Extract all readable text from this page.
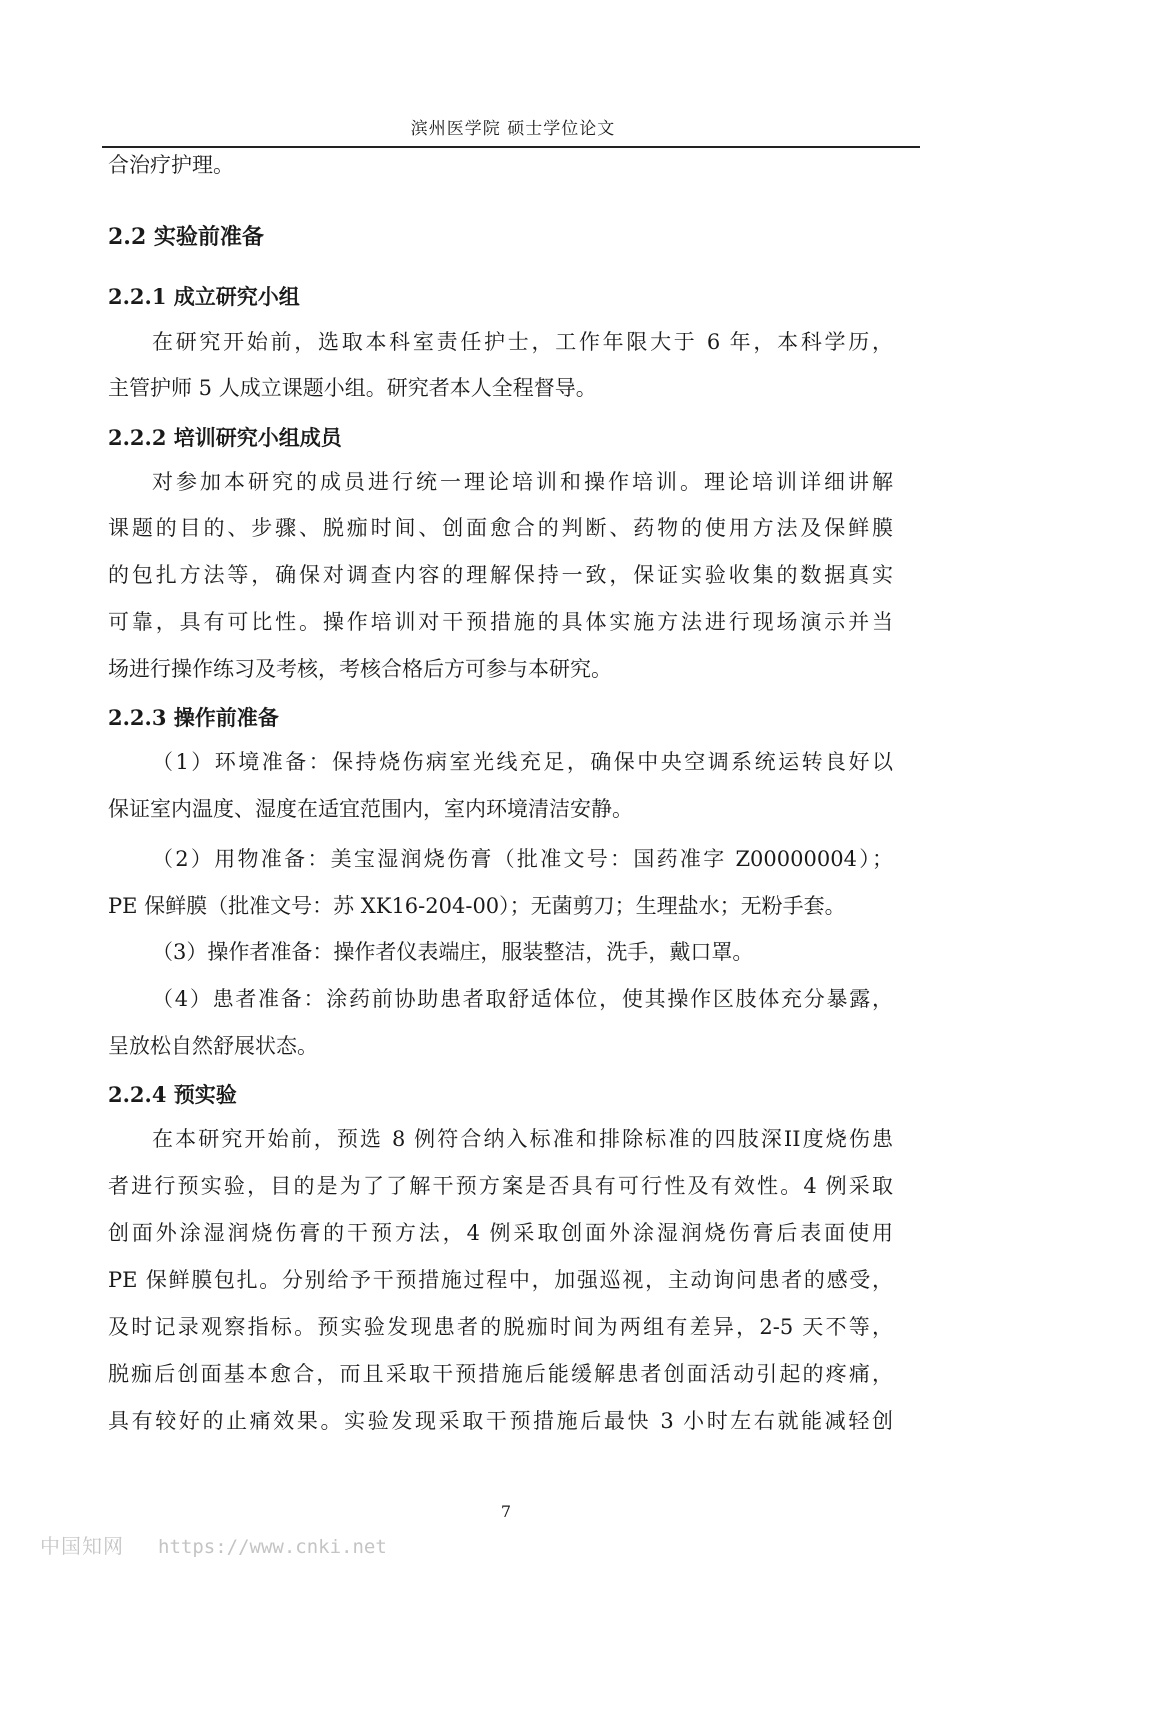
滨州医学院 硕士学位论文
合治疗护理。
2.2 实验前准备
2.2.1 成立研究小组
在研究开始前，选取本科室责任护士，工作年限大于 6 年，本科学历，
主管护师 5 人成立课题小组。研究者本人全程督导。
2.2.2 培训研究小组成员
对参加本研究的成员进行统一理论培训和操作培训。理论培训详细讲解
课题的目的、步骤、脱痂时间、创面愈合的判断、药物的使用方法及保鲜膜
的包扎方法等，确保对调查内容的理解保持一致，保证实验收集的数据真实
可靠，具有可比性。操作培训对干预措施的具体实施方法进行现场演示并当
场进行操作练习及考核，考核合格后方可参与本研究。
2.2.3 操作前准备
（1）环境准备：保持烧伤病室光线充足，确保中央空调系统运转良好以
保证室内温度、湿度在适宜范围内，室内环境清洁安静。
（2）用物准备：美宝湿润烧伤膏（批准文号：国药准字 Z00000004）；
PE 保鲜膜（批准文号：苏 XK16-204-00）；无菌剪刀；生理盐水；无粉手套。
（3）操作者准备：操作者仪表端庄，服装整洁，洗手，戴口罩。
（4）患者准备：涂药前协助患者取舒适体位，使其操作区肢体充分暴露，
呈放松自然舒展状态。
2.2.4 预实验
在本研究开始前，预选 8 例符合纳入标准和排除标准的四肢深II度烧伤患
者进行预实验，目的是为了了解干预方案是否具有可行性及有效性。4 例采取
创面外涂湿润烧伤膏的干预方法，4 例采取创面外涂湿润烧伤膏后表面使用
PE 保鲜膜包扎。分别给予干预措施过程中，加强巡视，主动询问患者的感受，
及时记录观察指标。预实验发现患者的脱痂时间为两组有差异，2-5 天不等，
脱痂后创面基本愈合，而且采取干预措施后能缓解患者创面活动引起的疼痛，
具有较好的止痛效果。实验发现采取干预措施后最快 3 小时左右就能减轻创
7
中国知网 https://www.cnki.net
